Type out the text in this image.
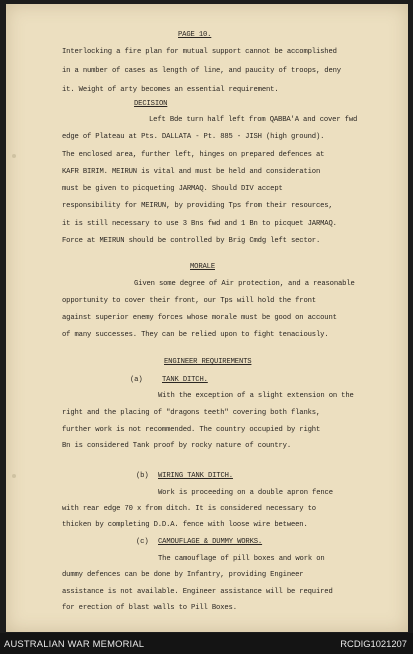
PAGE 10.
Interlocking a fire plan for mutual support cannot be accomplished
in a number of cases as length of line, and paucity of troops, deny
it. Weight of arty becomes an essential requirement.
DECISION
Left Bde turn half left from QABBA'A and cover fwd
edge of Plateau at Pts. DALLATA - Pt. 885 - JISH (high ground).
The enclosed area, further left, hinges on prepared defences at
KAFR BIRIM. MEIRUN is vital and must be held and consideration
must be given to picqueting JARMAQ. Should DIV accept
responsibility for MEIRUN, by providing Tps from their resources,
it is still necessary to use 3 Bns fwd and 1 Bn to picquet JARMAQ.
Force at MEIRUN should be controlled by Brig Cmdg left sector.
MORALE
Given some degree of Air protection, and a reasonable
opportunity to cover their front, our Tps will hold the front
against superior enemy forces whose morale must be good on account
of many successes. They can be relied upon to fight tenaciously.
ENGINEER REQUIREMENTS
(a)	TANK DITCH.
With the exception of a slight extension on the
right and the placing of "dragons teeth" covering both flanks,
further work is not recommended. The country occupied by right
Bn is considered Tank proof by rocky nature of country.
(b) WIRING TANK DITCH.
Work is proceeding on a double apron fence
with rear edge 70 x from ditch. It is considered necessary to
thicken by completing D.D.A. fence with loose wire between.
(c) CAMOUFLAGE & DUMMY WORKS.
The camouflage of pill boxes and work on
dummy defences can be done by Infantry, providing Engineer
assistance is not available. Engineer assistance will be required
for erection of blast walls to Pill Boxes.
AUSTRALIAN WAR MEMORIAL	RCDIG1021207
